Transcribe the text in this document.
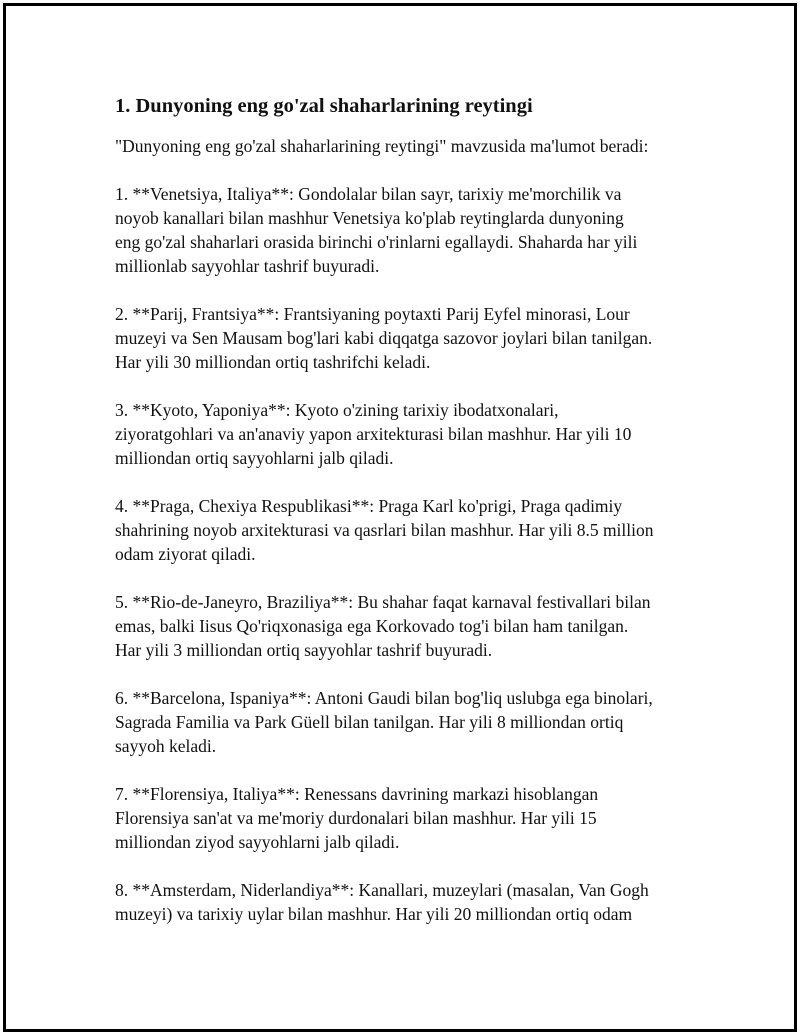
1. Dunyoning eng go'zal shaharlarining reytingi
"Dunyoning eng go'zal shaharlarining reytingi" mavzusida ma'lumot beradi:
1. **Venetsiya, Italiya**: Gondolalar bilan sayr, tarixiy me'morchilik va
noyob kanallari bilan mashhur Venetsiya ko'plab reytinglarda dunyoning
eng go'zal shaharlari orasida birinchi o'rinlarni egallaydi. Shaharda har yili
millionlab sayyohlar tashrif buyuradi.
2. **Parij, Frantsiya**: Frantsiyaning poytaxti Parij Eyfel minorasi, Lour
muzeyi va Sen Mausam bog'lari kabi diqqatga sazovor joylari bilan tanilgan.
Har yili 30 milliondan ortiq tashrifchi keladi.
3. **Kyoto, Yaponiya**: Kyoto o'zining tarixiy ibodatxonalari,
ziyoratgohlari va an'anaviy yapon arxitekturasi bilan mashhur. Har yili 10
milliondan ortiq sayyohlarni jalb qiladi.
4. **Praga, Chexiya Respublikasi**: Praga Karl ko'prigi, Praga qadimiy
shahrining noyob arxitekturasi va qasrlari bilan mashhur. Har yili 8.5 million
odam ziyorat qiladi.
5. **Rio-de-Janeyro, Braziliya**: Bu shahar faqat karnaval festivallari bilan
emas, balki Iisus Qo'riqxonasiga ega Korkovado tog'i bilan ham tanilgan.
Har yili 3 milliondan ortiq sayyohlar tashrif buyuradi.
6. **Barcelona, Ispaniya**: Antoni Gaudi bilan bog'liq uslubga ega binolari,
Sagrada Familia va Park Güell bilan tanilgan. Har yili 8 milliondan ortiq
sayyoh keladi.
7. **Florensiya, Italiya**: Renessans davrining markazi hisoblangan
Florensiya san'at va me'moriy durdonalari bilan mashhur. Har yili 15
milliondan ziyod sayyohlarni jalb qiladi.
8. **Amsterdam, Niderlandiya**: Kanallari, muzeylari (masalan, Van Gogh
muzeyi) va tarixiy uylar bilan mashhur. Har yili 20 milliondan ortiq odam
